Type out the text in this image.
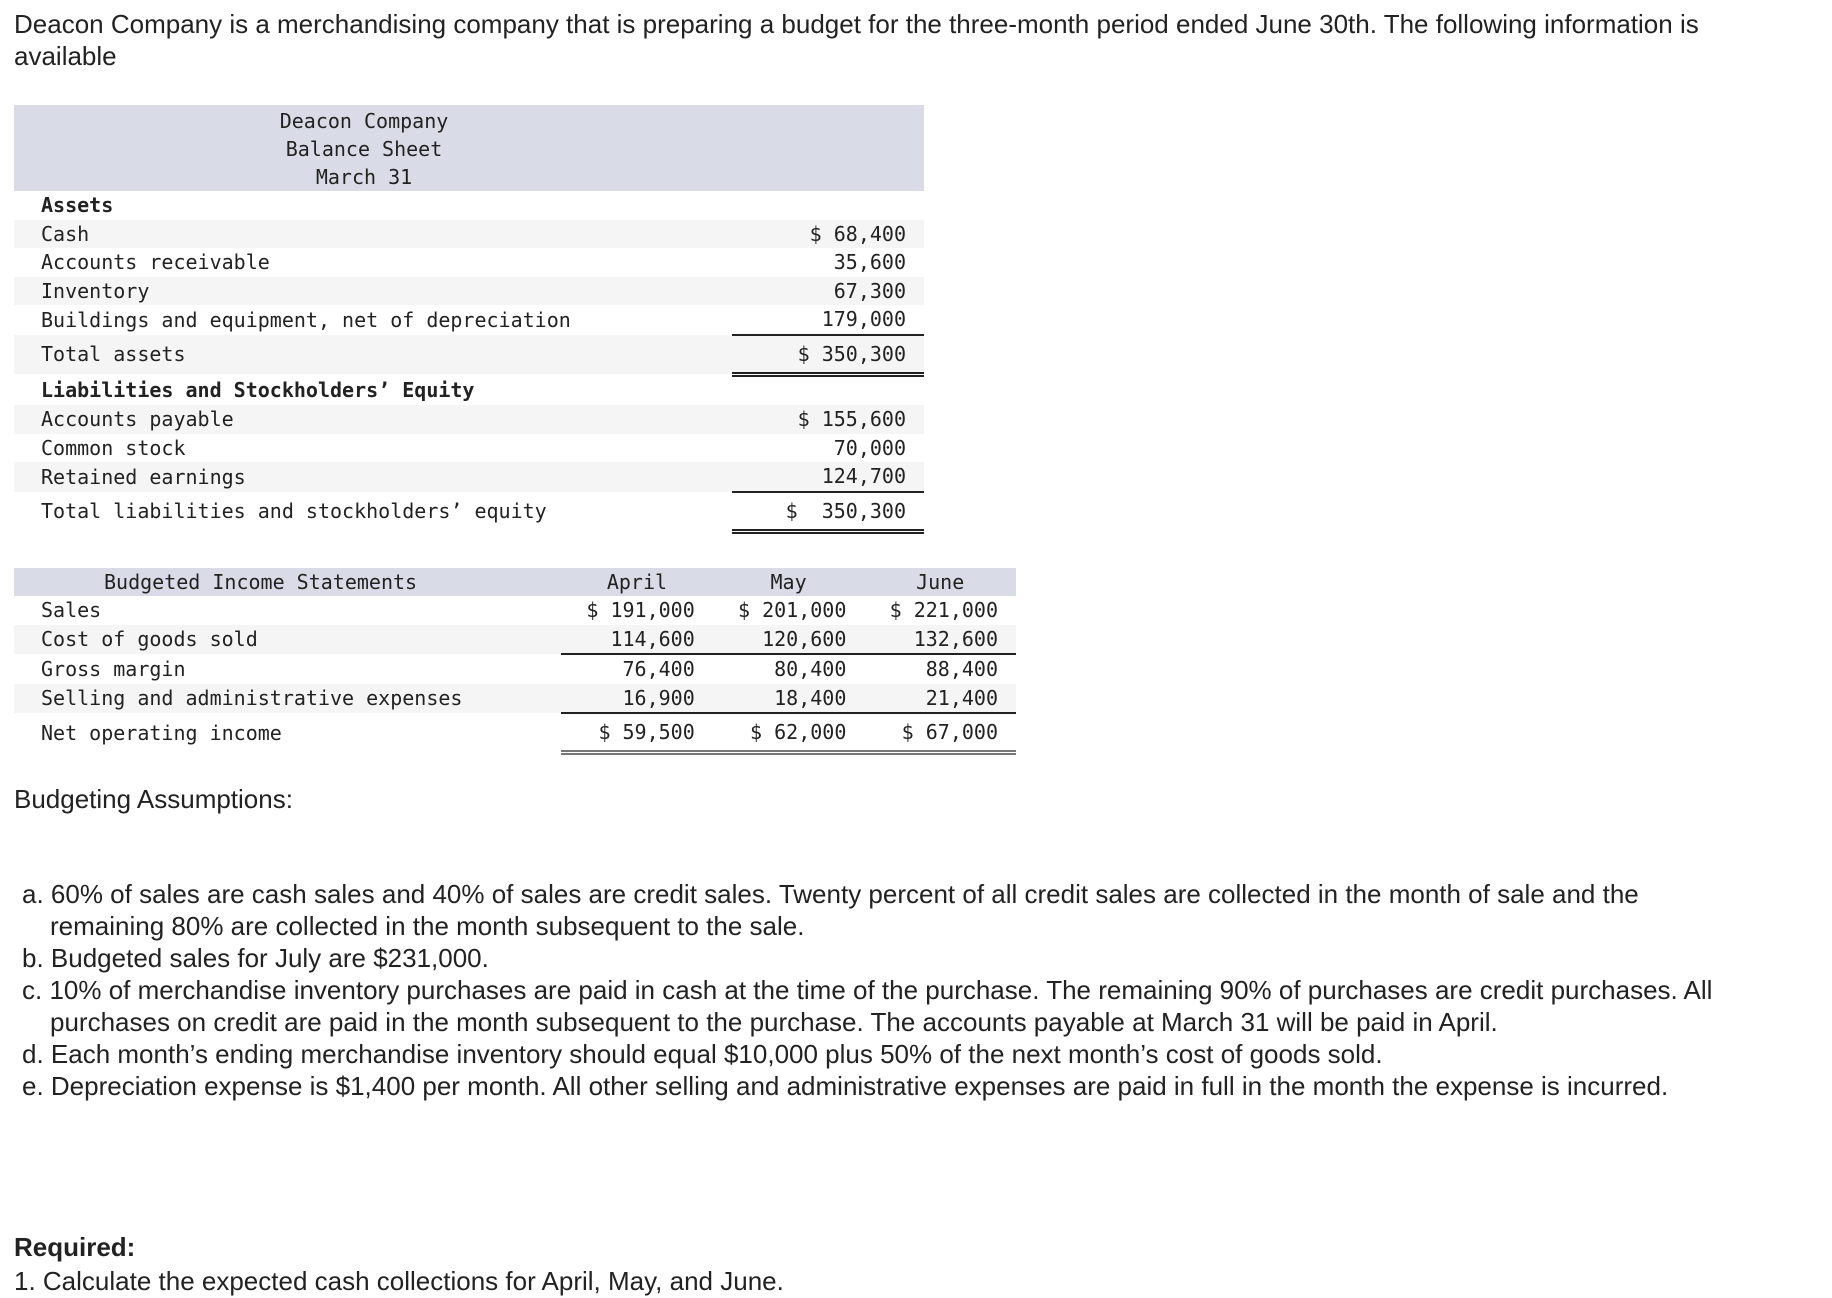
Deacon Company is a merchandising company that is preparing a budget for the three-month period ended June 30th. The following information is available
Deacon Company	
Balance Sheet	
March 31	
Assets	
Cash	$ 68,400
Accounts receivable	35,600
Inventory	67,300
Buildings and equipment, net of depreciation	179,000
Total assets	$ 350,300
Liabilities and Stockholders’ Equity	
Accounts payable	$ 155,600
Common stock	70,000
Retained earnings	124,700
Total liabilities and stockholders’ equity	$  350,300
Budgeted Income Statements	April	May	June
Sales	$ 191,000	$ 201,000	$ 221,000
Cost of goods sold	114,600	120,600	132,600
Gross margin	76,400	80,400	88,400
Selling and administrative expenses	16,900	18,400	21,400
Net operating income	$ 59,500	$ 62,000	$ 67,000
Budgeting Assumptions:
a. 60% of sales are cash sales and 40% of sales are credit sales. Twenty percent of all credit sales are collected in the month of sale and the remaining 80% are collected in the month subsequent to the sale.
b. Budgeted sales for July are $231,000.
c. 10% of merchandise inventory purchases are paid in cash at the time of the purchase. The remaining 90% of purchases are credit purchases. All purchases on credit are paid in the month subsequent to the purchase. The accounts payable at March 31 will be paid in April.
d. Each month’s ending merchandise inventory should equal $10,000 plus 50% of the next month’s cost of goods sold.
e. Depreciation expense is $1,400 per month. All other selling and administrative expenses are paid in full in the month the expense is incurred.
Required:
1. Calculate the expected cash collections for April, May, and June.
